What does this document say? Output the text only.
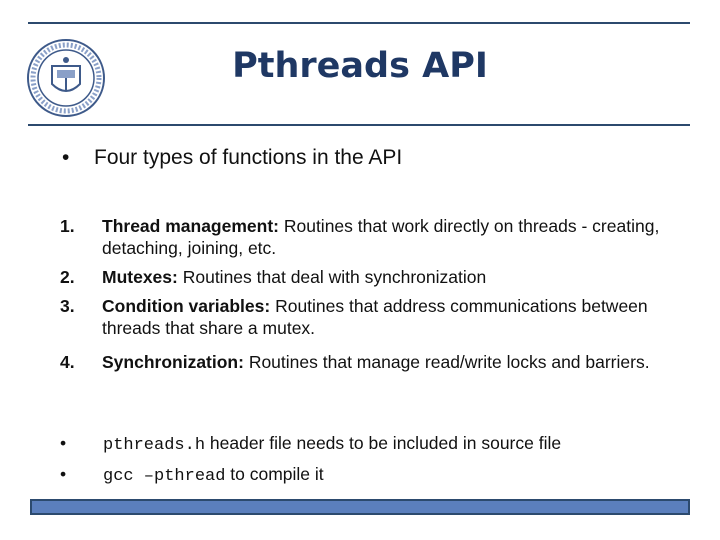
Pthreads API
• Four types of functions in the API
1. Thread management: Routines that work directly on threads - creating, detaching, joining, etc.
2. Mutexes: Routines that deal with synchronization
3. Condition variables: Routines that address communications between threads that share a mutex.
4. Synchronization: Routines that manage read/write locks and barriers.
• pthreads.h header file needs to be included in source file
• gcc –pthread to compile it
